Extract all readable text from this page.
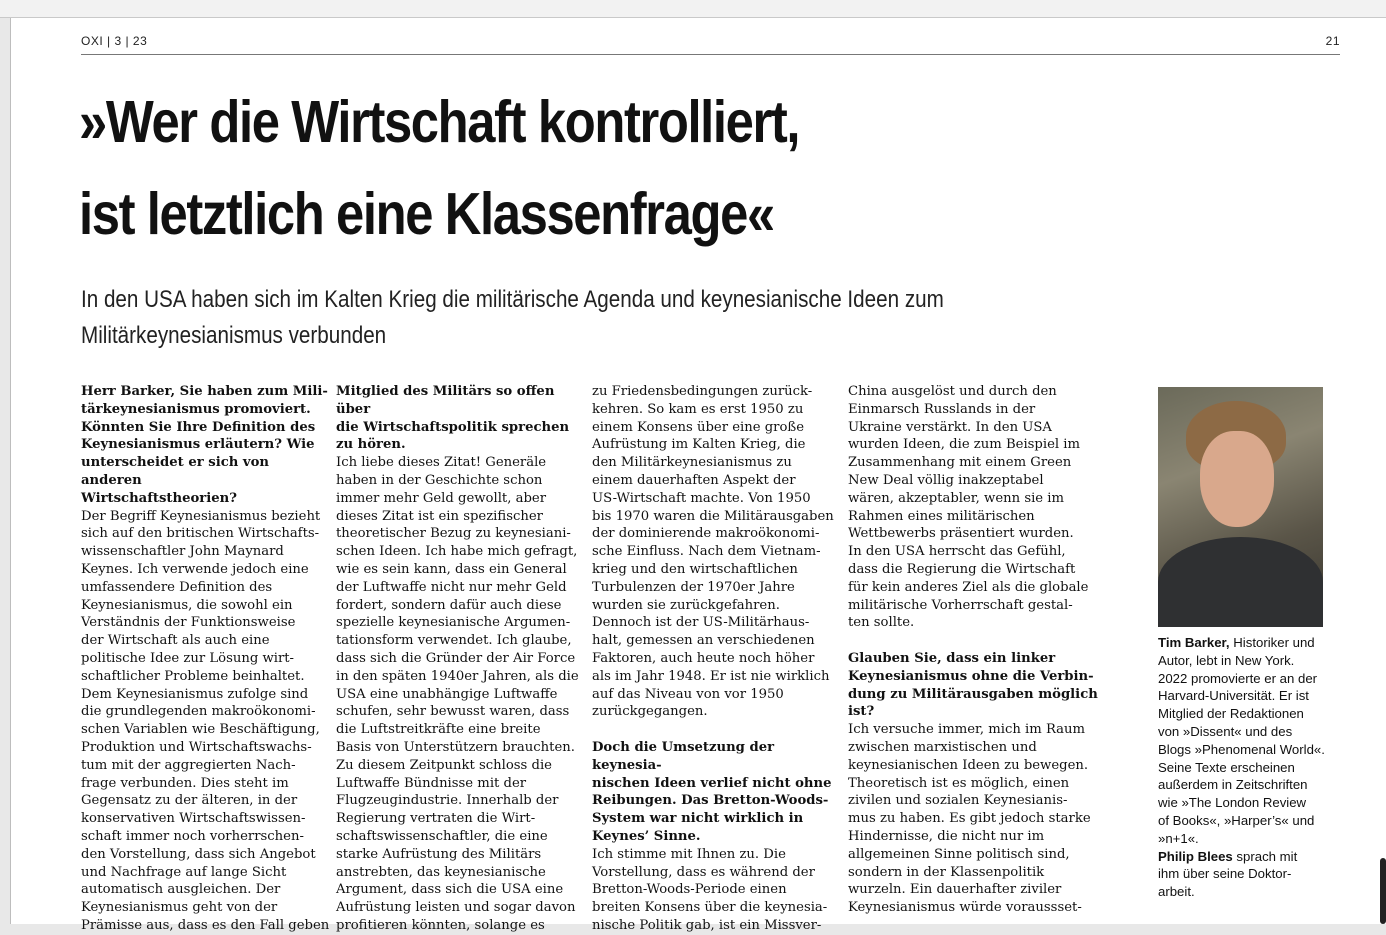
OXI | 3 | 23	21
»Wer die Wirtschaft kontrolliert,
ist letztlich eine Klassenfrage«
In den USA haben sich im Kalten Krieg die militärische Agenda und keynesianische Ideen zum
Militärkeynesianismus verbunden

Herr Barker, Sie haben zum Mili-

tärkeynesianismus promoviert.

Könnten Sie Ihre Definition des

Keynesianismus erläutern? Wie

unterscheidet er sich von anderen

Wirtschaftstheorien?

Der Begriff Keynesianismus bezieht

sich auf den britischen Wirtschafts-

wissenschaftler John Maynard

Keynes. Ich verwende jedoch eine

umfassendere Definition des

Keynesianismus, die sowohl ein

Verständnis der Funktionsweise

der Wirtschaft als auch eine

politische Idee zur Lösung wirt-

schaftlicher Probleme beinhaltet.

Dem Keynesianismus zufolge sind

die grundlegenden makroökonomi-

schen Variablen wie Beschäftigung,

Produktion und Wirtschaftswachs-

tum mit der aggregierten Nach-

frage verbunden. Dies steht im

Gegensatz zu der älteren, in der

konservativen Wirtschaftswissen-

schaft immer noch vorherrschen-

den Vorstellung, dass sich Angebot

und Nachfrage auf lange Sicht

automatisch ausgleichen. Der

Keynesianismus geht von der

Prämisse aus, dass es den Fall geben

Mitglied des Militärs so offen über

die Wirtschaftspolitik sprechen

zu hören.

Ich liebe dieses Zitat! Generäle

haben in der Geschichte schon

immer mehr Geld gewollt, aber

dieses Zitat ist ein spezifischer

theoretischer Bezug zu keynesiani-

schen Ideen. Ich habe mich gefragt,

wie es sein kann, dass ein General

der Luftwaffe nicht nur mehr Geld

fordert, sondern dafür auch diese

spezielle keynesianische Argumen-

tationsform verwendet. Ich glaube,

dass sich die Gründer der Air Force

in den späten 1940er Jahren, als die

USA eine unabhängige Luftwaffe

schufen, sehr bewusst waren, dass

die Luftstreitkräfte eine breite

Basis von Unterstützern brauchten.

Zu diesem Zeitpunkt schloss die

Luftwaffe Bündnisse mit der

Flugzeugindustrie. Innerhalb der

Regierung vertraten die Wirt-

schaftswissenschaftler, die eine

starke Aufrüstung des Militärs

anstrebten, das keynesianische

Argument, dass sich die USA eine

Aufrüstung leisten und sogar davon

profitieren könnten, solange es

zu Friedensbedingungen zurück-

kehren. So kam es erst 1950 zu

einem Konsens über eine große

Aufrüstung im Kalten Krieg, die

den Militärkeynesianismus zu

einem dauerhaften Aspekt der

US-Wirtschaft machte. Von 1950

bis 1970 waren die Militärausgaben

der dominierende makroökonomi-

sche Einfluss. Nach dem Vietnam-

krieg und den wirtschaftlichen

Turbulenzen der 1970er Jahre

wurden sie zurückgefahren.

Dennoch ist der US-Militärhaus-

halt, gemessen an verschiedenen

Faktoren, auch heute noch höher

als im Jahr 1948. Er ist nie wirklich

auf das Niveau von vor 1950

zurückgegangen.

Doch die Umsetzung der keynesia-

nischen Ideen verlief nicht ohne

Reibungen. Das Bretton-Woods-

System war nicht wirklich in

Keynes’ Sinne.

Ich stimme mit Ihnen zu. Die

Vorstellung, dass es während der

Bretton-Woods-Periode einen

breiten Konsens über die keynesia-

nische Politik gab, ist ein Missver-

China ausgelöst und durch den

Einmarsch Russlands in der

Ukraine verstärkt. In den USA

wurden Ideen, die zum Beispiel im

Zusammenhang mit einem Green

New Deal völlig inakzeptabel

wären, akzeptabler, wenn sie im

Rahmen eines militärischen

Wettbewerbs präsentiert wurden.

In den USA herrscht das Gefühl,

dass die Regierung die Wirtschaft

für kein anderes Ziel als die globale

militärische Vorherrschaft gestal-

ten sollte.

Glauben Sie, dass ein linker

Keynesianismus ohne die Verbin-

dung zu Militärausgaben möglich

ist?

Ich versuche immer, mich im Raum

zwischen marxistischen und

keynesianischen Ideen zu bewegen.

Theoretisch ist es möglich, einen

zivilen und sozialen Keynesianis-

mus zu haben. Es gibt jedoch starke

Hindernisse, die nicht nur im

allgemeinen Sinne politisch sind,

sondern in der Klassenpolitik

wurzeln. Ein dauerhafter ziviler

Keynesianismus würde voraussset-

Tim Barker, Historiker und

Autor, lebt in New York.

2022 promovierte er an der

Harvard-Universität. Er ist

Mitglied der Redaktionen

von »Dissent« und des

Blogs »Phenomenal World«.

Seine Texte erscheinen

außerdem in Zeitschriften

wie »The London Review

of Books«, »Harper’s« und

»n+1«.

Philip Blees sprach mit

ihm über seine Doktor-

arbeit.
